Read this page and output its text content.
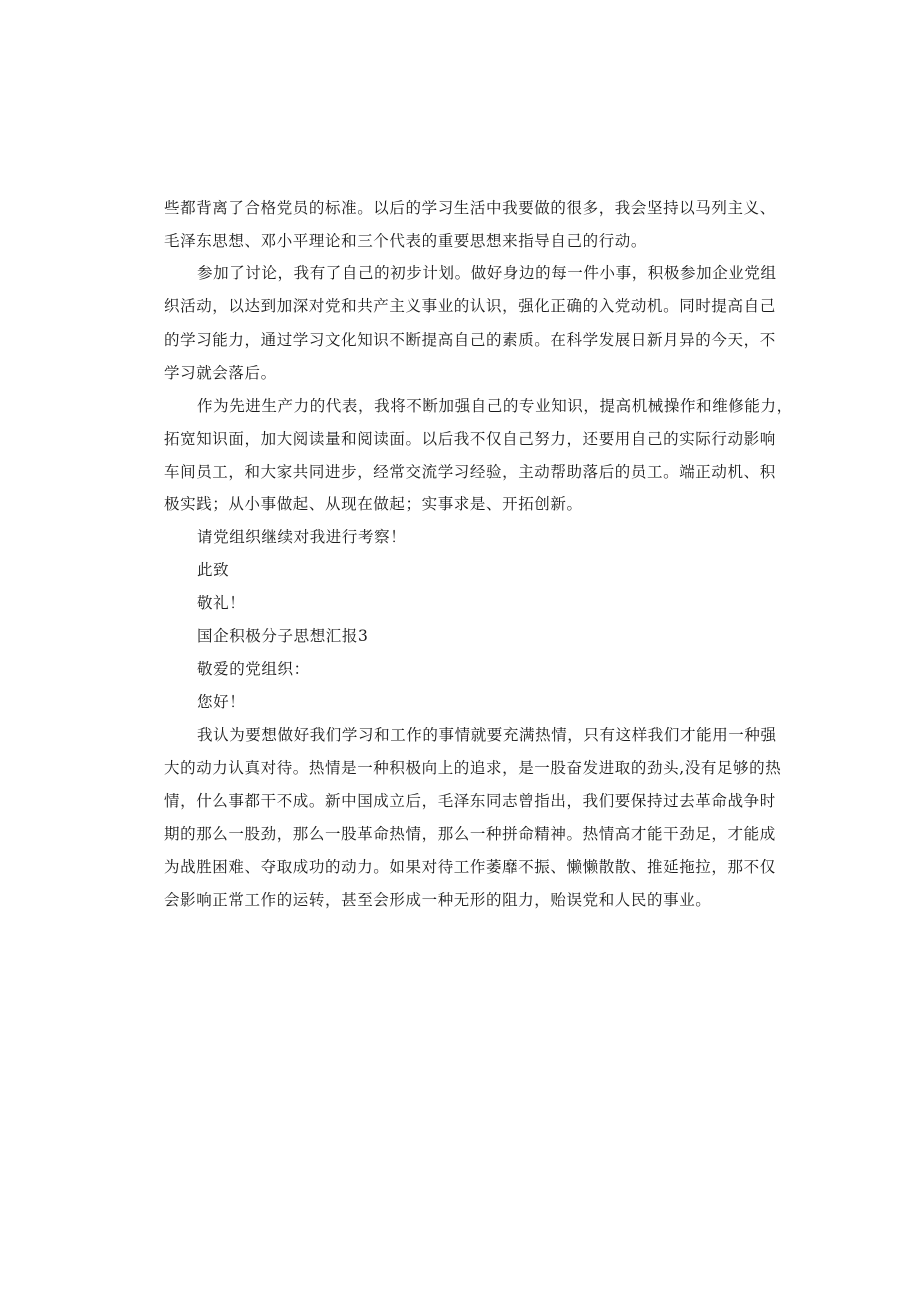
些都背离了合格党员的标准。以后的学习生活中我要做的很多，我会坚持以马列主义、
毛泽东思想、邓小平理论和三个代表的重要思想来指导自己的行动。
参加了讨论，我有了自己的初步计划。做好身边的每一件小事，积极参加企业党组
织活动，以达到加深对党和共产主义事业的认识，强化正确的入党动机。同时提高自己
的学习能力，通过学习文化知识不断提高自己的素质。在科学发展日新月异的今天，不
学习就会落后。
作为先进生产力的代表，我将不断加强自己的专业知识，提高机械操作和维修能力，
拓宽知识面，加大阅读量和阅读面。以后我不仅自己努力，还要用自己的实际行动影响
车间员工，和大家共同进步，经常交流学习经验，主动帮助落后的员工。端正动机、积
极实践；从小事做起、从现在做起；实事求是、开拓创新。
请党组织继续对我进行考察！
此致
敬礼！
国企积极分子思想汇报3
敬爱的党组织：
您好！
我认为要想做好我们学习和工作的事情就要充满热情，只有这样我们才能用一种强
大的动力认真对待。热情是一种积极向上的追求，是一股奋发进取的劲头,没有足够的热
情，什么事都干不成。新中国成立后，毛泽东同志曾指出，我们要保持过去革命战争时
期的那么一股劲，那么一股革命热情，那么一种拼命精神。热情高才能干劲足，才能成
为战胜困难、夺取成功的动力。如果对待工作萎靡不振、懒懒散散、推延拖拉，那不仅
会影响正常工作的运转，甚至会形成一种无形的阻力，贻误党和人民的事业。
